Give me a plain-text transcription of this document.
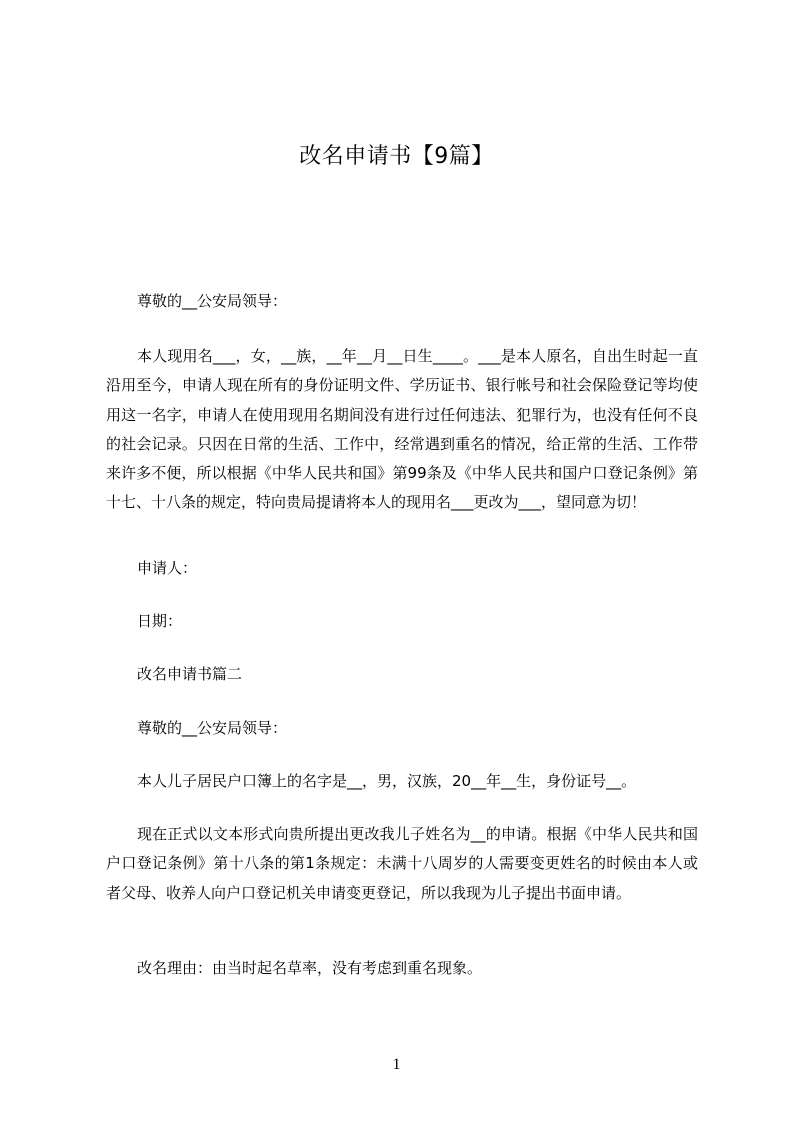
改名申请书【9篇】
尊敬的__公安局领导：
本人现用名___，女，__族，__年__月__日生____。___是本人原名，自出生时起一直沿用至今，申请人现在所有的身份证明文件、学历证书、银行帐号和社会保险登记等均使用这一名字，申请人在使用现用名期间没有进行过任何违法、犯罪行为，也没有任何不良的社会记录。只因在日常的生活、工作中，经常遇到重名的情况，给正常的生活、工作带来许多不便，所以根据《中华人民共和国》第99条及《中华人民共和国户口登记条例》第十七、十八条的规定，特向贵局提请将本人的现用名___更改为___，望同意为切！
申请人：
日期：
改名申请书篇二
尊敬的__公安局领导：
本人儿子居民户口簿上的名字是__，男，汉族，20__年__生，身份证号__。
现在正式以文本形式向贵所提出更改我儿子姓名为__的申请。根据《中华人民共和国户口登记条例》第十八条的第1条规定：未满十八周岁的人需要变更姓名的时候由本人或者父母、收养人向户口登记机关申请变更登记，所以我现为儿子提出书面申请。
改名理由：由当时起名草率，没有考虑到重名现象。
1
